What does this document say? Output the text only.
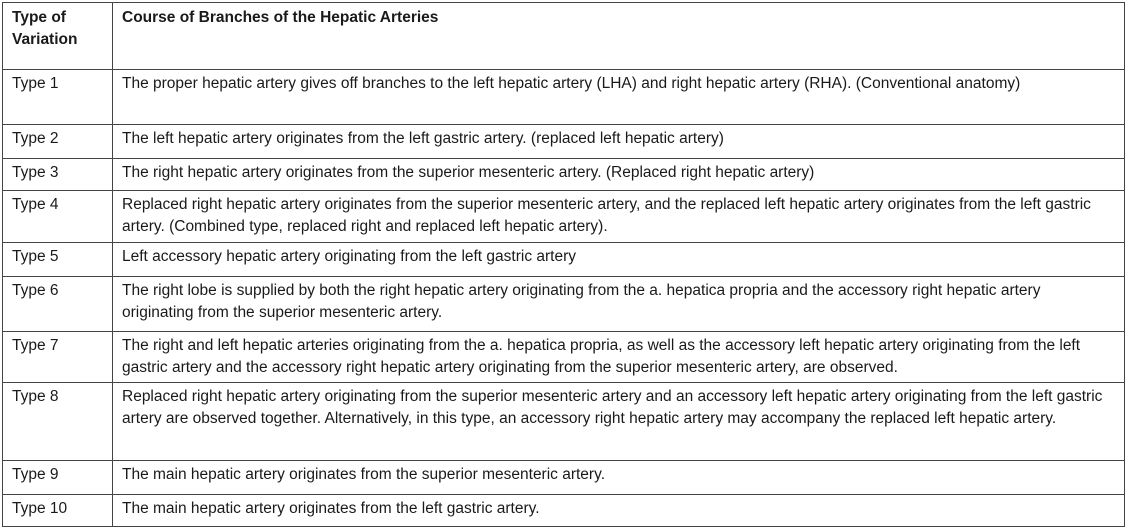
Type of Variation	Course of Branches of the Hepatic Arteries
Type 1	The proper hepatic artery gives off branches to the left hepatic artery (LHA) and right hepatic artery (RHA). (Conventional anatomy)
Type 2	The left hepatic artery originates from the left gastric artery. (replaced left hepatic artery)
Type 3	The right hepatic artery originates from the superior mesenteric artery. (Replaced right hepatic artery)
Type 4	Replaced right hepatic artery originates from the superior mesenteric artery, and the replaced left hepatic artery originates from the left gastric artery. (Combined type, replaced right and replaced left hepatic artery).
Type 5	Left accessory hepatic artery originating from the left gastric artery
Type 6	The right lobe is supplied by both the right hepatic artery originating from the a. hepatica propria and the accessory right hepatic artery originating from the superior mesenteric artery.
Type 7	The right and left hepatic arteries originating from the a. hepatica propria, as well as the accessory left hepatic artery originating from the left gastric artery and the accessory right hepatic artery originating from the superior mesenteric artery, are observed.
Type 8	Replaced right hepatic artery originating from the superior mesenteric artery and an accessory left hepatic artery originating from the left gastric artery are observed together. Alternatively, in this type, an accessory right hepatic artery may accompany the replaced left hepatic artery.
Type 9	The main hepatic artery originates from the superior mesenteric artery.
Type 10	The main hepatic artery originates from the left gastric artery.
